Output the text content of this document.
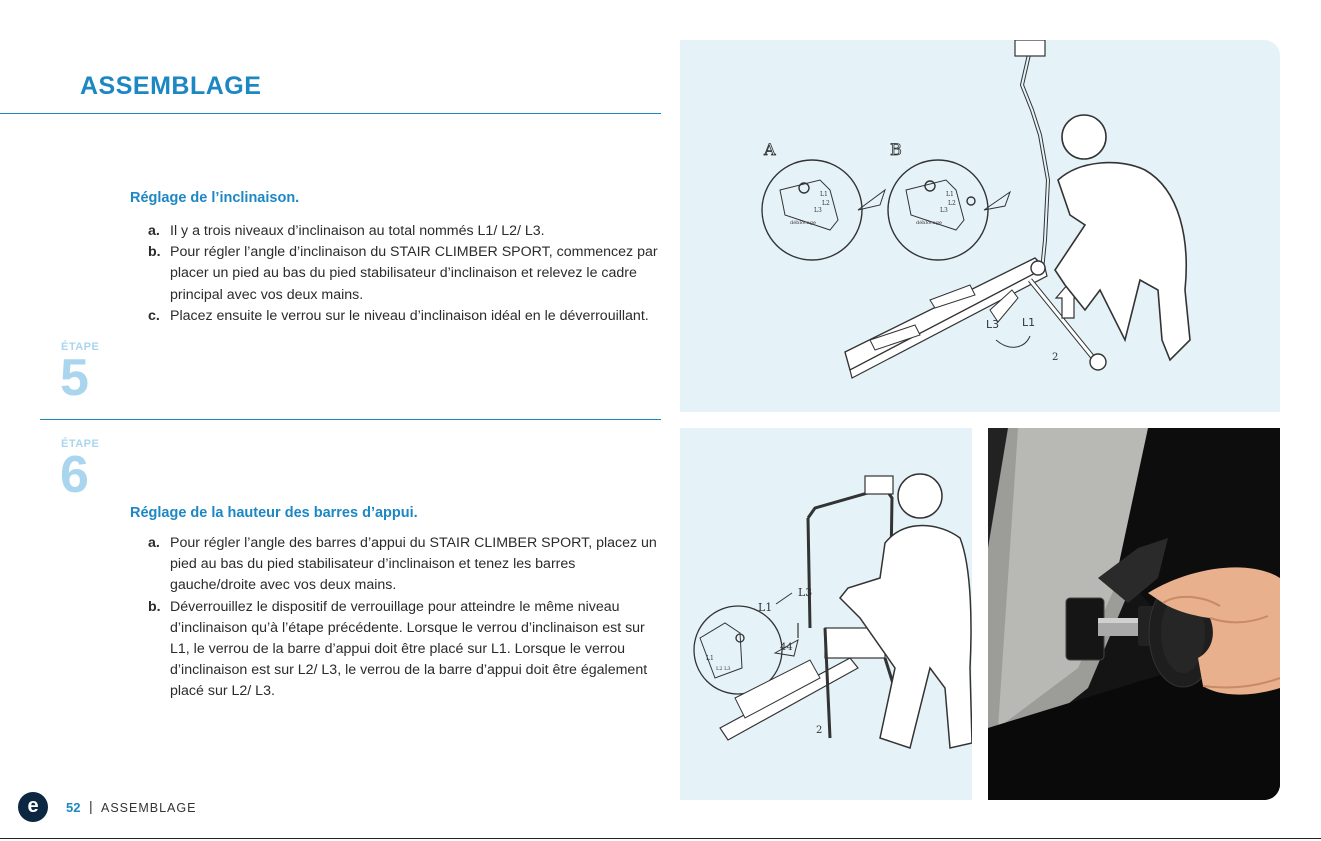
ASSEMBLAGE
Réglage de l’inclinaison.
a. Il y a trois niveaux d’inclinaison au total nommés L1/ L2/ L3.
b. Pour régler l’angle d’inclinaison du STAIR CLIMBER SPORT, commencez par placer un pied au bas du pied stabilisateur d’inclinaison et relevez le cadre principal avec vos deux mains.
c. Placez ensuite le verrou sur le niveau d’inclinaison idéal en le déverrouillant.
ÉTAPE
5
ÉTAPE
6
Réglage de la hauteur des barres d’appui.
a. Pour régler l’angle des barres d’appui du STAIR CLIMBER SPORT, placez un pied au bas du pied stabilisateur d’inclinaison et tenez les barres gauche/droite avec vos deux mains.
b. Déverrouillez le dispositif de verrouillage pour atteindre le même niveau d’inclinaison qu’à l’étape précédente. Lorsque le verrou d’inclinaison est sur L1, le verrou de la barre d’appui doit être placé sur L1. Lorsque le verrou d’inclinaison est sur L2/ L3, le verrou de la barre d’appui doit être également placé sur L2/ L3.
A
L1
L2
L3
déblocage
B
L1
L2
L3
déblocage
L3 L1
2
L1
L2 L3
L3
L1
44
2
e	52 | ASSEMBLAGE
